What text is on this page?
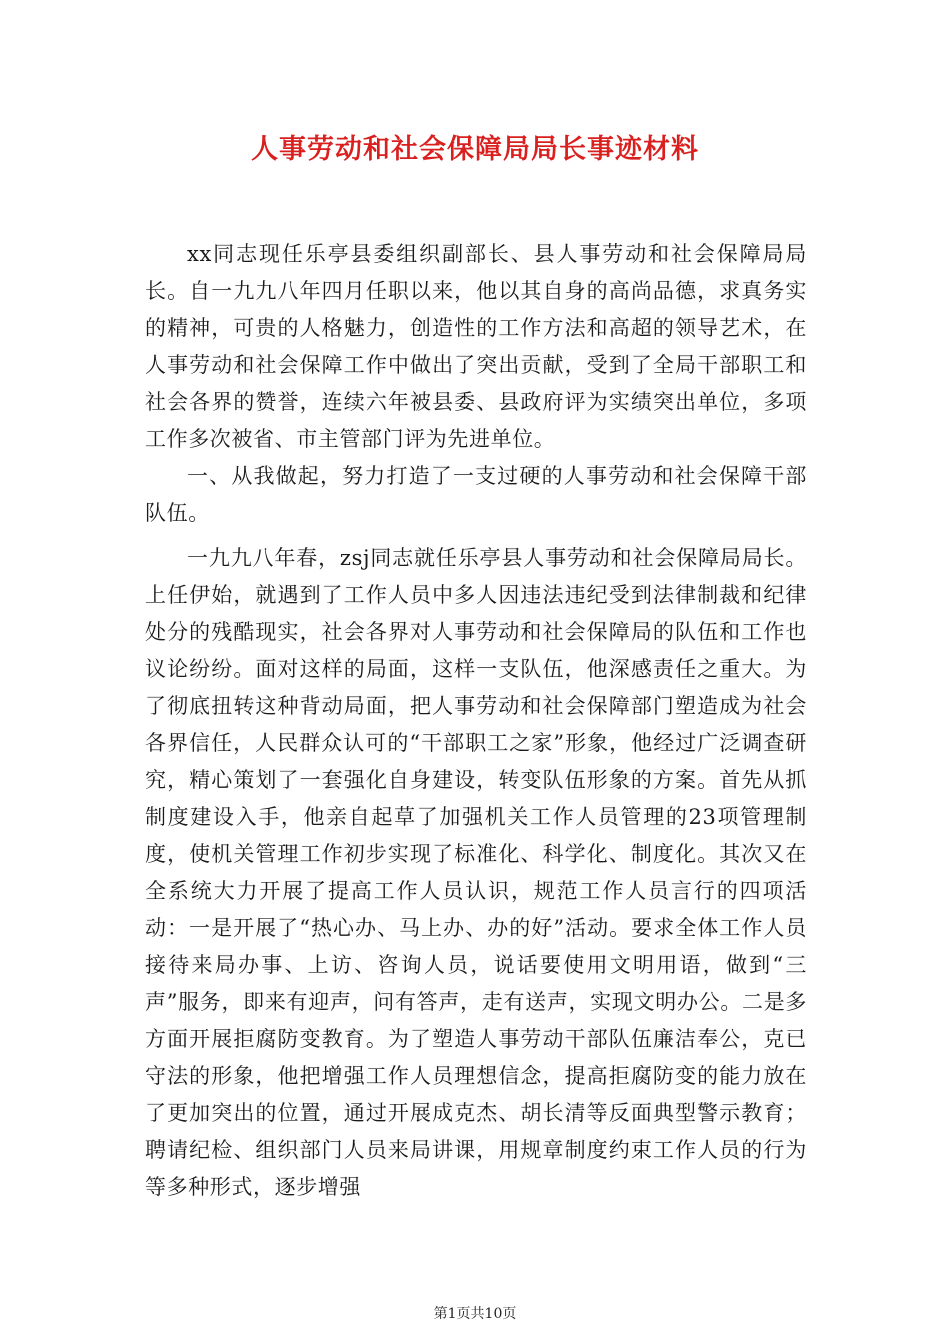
人事劳动和社会保障局局长事迹材料

xx同志现任乐亭县委组织副部长、县人事劳动和社会保障局局长。自一九九八年四月任职以来，他以其自身的高尚品德，求真务实的精神，可贵的人格魅力，创造性的工作方法和高超的领导艺术，在人事劳动和社会保障工作中做出了突出贡献，受到了全局干部职工和社会各界的赞誉，连续六年被县委、县政府评为实绩突出单位，多项工作多次被省、市主管部门评为先进单位。

一、从我做起，努力打造了一支过硬的人事劳动和社会保障干部队伍。

一九九八年春，zsj同志就任乐亭县人事劳动和社会保障局局长。上任伊始，就遇到了工作人员中多人因违法违纪受到法律制裁和纪律处分的残酷现实，社会各界对人事劳动和社会保障局的队伍和工作也议论纷纷。面对这样的局面，这样一支队伍，他深感责任之重大。为了彻底扭转这种背动局面，把人事劳动和社会保障部门塑造成为社会各界信任，人民群众认可的“干部职工之家”形象，他经过广泛调查研究，精心策划了一套强化自身建设，转变队伍形象的方案。首先从抓制度建设入手，他亲自起草了加强机关工作人员管理的23项管理制度，使机关管理工作初步实现了标准化、科学化、制度化。其次又在全系统大力开展了提高工作人员认识，规范工作人员言行的四项活动：一是开展了“热心办、马上办、办的好”活动。要求全体工作人员接待来局办事、上访、咨询人员，说话要使用文明用语，做到“三声”服务，即来有迎声，问有答声，走有送声，实现文明办公。二是多方面开展拒腐防变教育。为了塑造人事劳动干部队伍廉洁奉公，克已守法的形象，他把增强工作人员理想信念，提高拒腐防变的能力放在了更加突出的位置，通过开展成克杰、胡长清等反面典型警示教育；聘请纪检、组织部门人员来局讲课，用规章制度约束工作人员的行为等多种形式，逐步增强

第1页共10页
